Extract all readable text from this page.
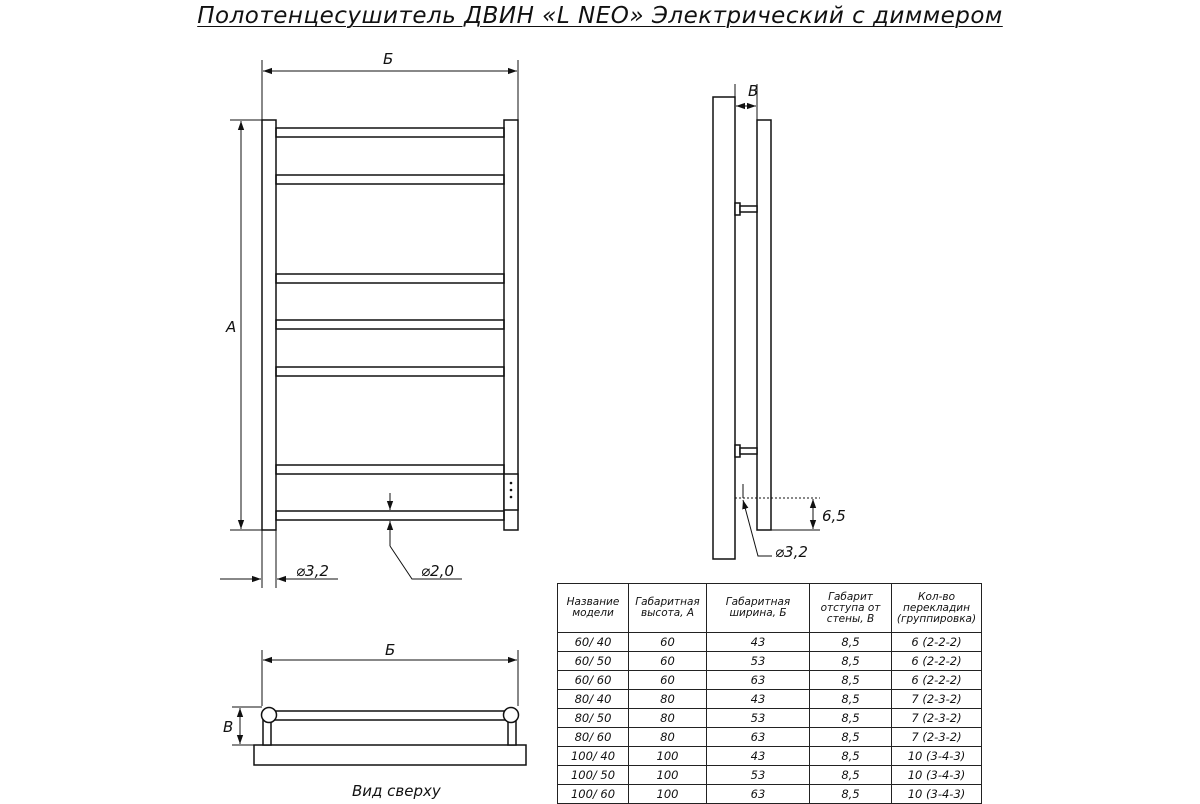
Полотенцесушитель ДВИН «L NEO» Электрический с диммером
Б
А
⌀3,2	⌀2,0
В
6,5
⌀3,2
Б
В
Вид сверху
Название модели	Габаритная высота, А	Габаритная ширина, Б	Габарит отступа от стены, В	Кол-во перекладин (группировка)
60/ 40	60	43	8,5	6 (2-2-2)
60/ 50	60	53	8,5	6 (2-2-2)
60/ 60	60	63	8,5	6 (2-2-2)
80/ 40	80	43	8,5	7 (2-3-2)
80/ 50	80	53	8,5	7 (2-3-2)
80/ 60	80	63	8,5	7 (2-3-2)
100/ 40	100	43	8,5	10 (3-4-3)
100/ 50	100	53	8,5	10 (3-4-3)
100/ 60	100	63	8,5	10 (3-4-3)
